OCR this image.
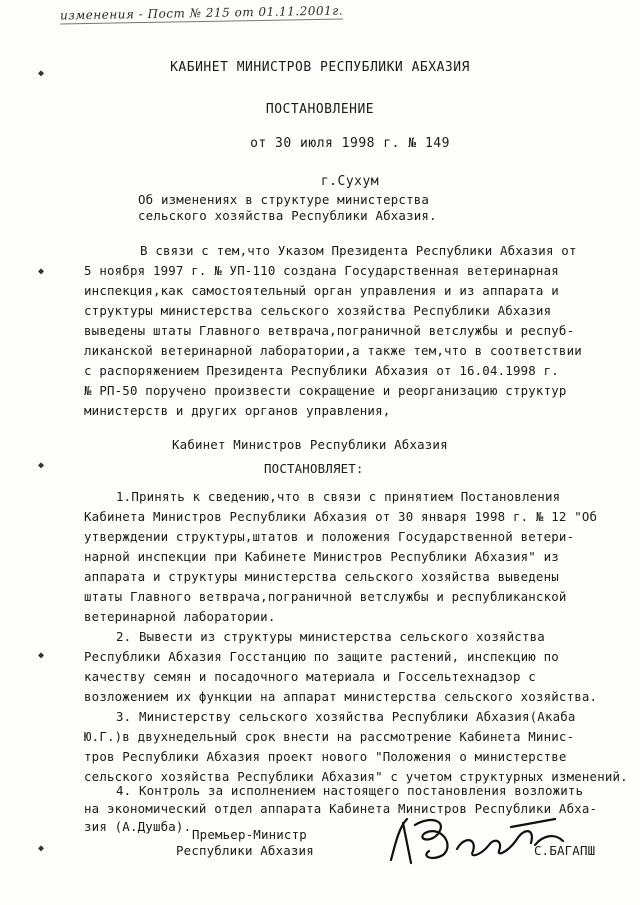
изменения - Пост № 215 от 01.11.2001г.
◆
◆
◆
◆
◆
КАБИНЕТ МИНИСТРОВ РЕСПУБЛИКИ АБХАЗИЯ
ПОСТАНОВЛЕНИЕ
от 30 июля 1998 г. № 149
г.Сухум
Об изменениях в структуре министерства
сельского хозяйства Республики Абхазия.
В связи с тем,что Указом Президента Республики Абхазия от
5 ноября 1997 г. № УП-110 создана Государственная ветеринарная
инспекция,как самостоятельный орган управления и из аппарата и
структуры министерства сельского хозяйства Республики Абхазия
выведены штаты Главного ветврача,пограничной ветслужбы и респуб-
ликанской ветеринарной лаборатории,а также тем,что в соответствии
с распоряжением Президента Республики Абхазия от 16.04.1998 г.
№ РП-50 поручено произвести сокращение и реорганизацию структур
министерств и других органов управления,
Кабинет Министров Республики Абхазия
ПОСТАНОВЛЯЕТ:
1.Принять к сведению,что в связи с принятием Постановления
Кабинета Министров Республики Абхазия от 30 января 1998 г. № 12 "Об
утверждении структуры,штатов и положения Государственной ветери-
нарной инспекции при Кабинете Министров Республики Абхазия" из
аппарата и структуры министерства сельского хозяйства выведены
штаты Главного ветврача,пограничной ветслужбы и республиканской
ветеринарной лаборатории.
2. Вывести из структуры министерства сельского хозяйства
Республики Абхазия Госстанцию по защите растений, инспекцию по
качеству семян и посадочного материала и Госсельтехнадзор с
возложением их функции на аппарат министерства сельского хозяйства.
3. Министерству сельского хозяйства Республики Абхазия(Акаба
Ю.Г.)в двухнедельный срок внести на рассмотрение Кабинета Минис-
тров Республики Абхазия проект нового "Положения о министерстве
сельского хозяйства Республики Абхазия" с учетом структурных изменений.
4. Контроль за исполнением настоящего постановления возложить
на экономический отдел аппарата Кабинета Министров Республики Абха-
зия (А.Душба).
Премьер-Министр
Республики Абхазия	С.БАГАПШ
